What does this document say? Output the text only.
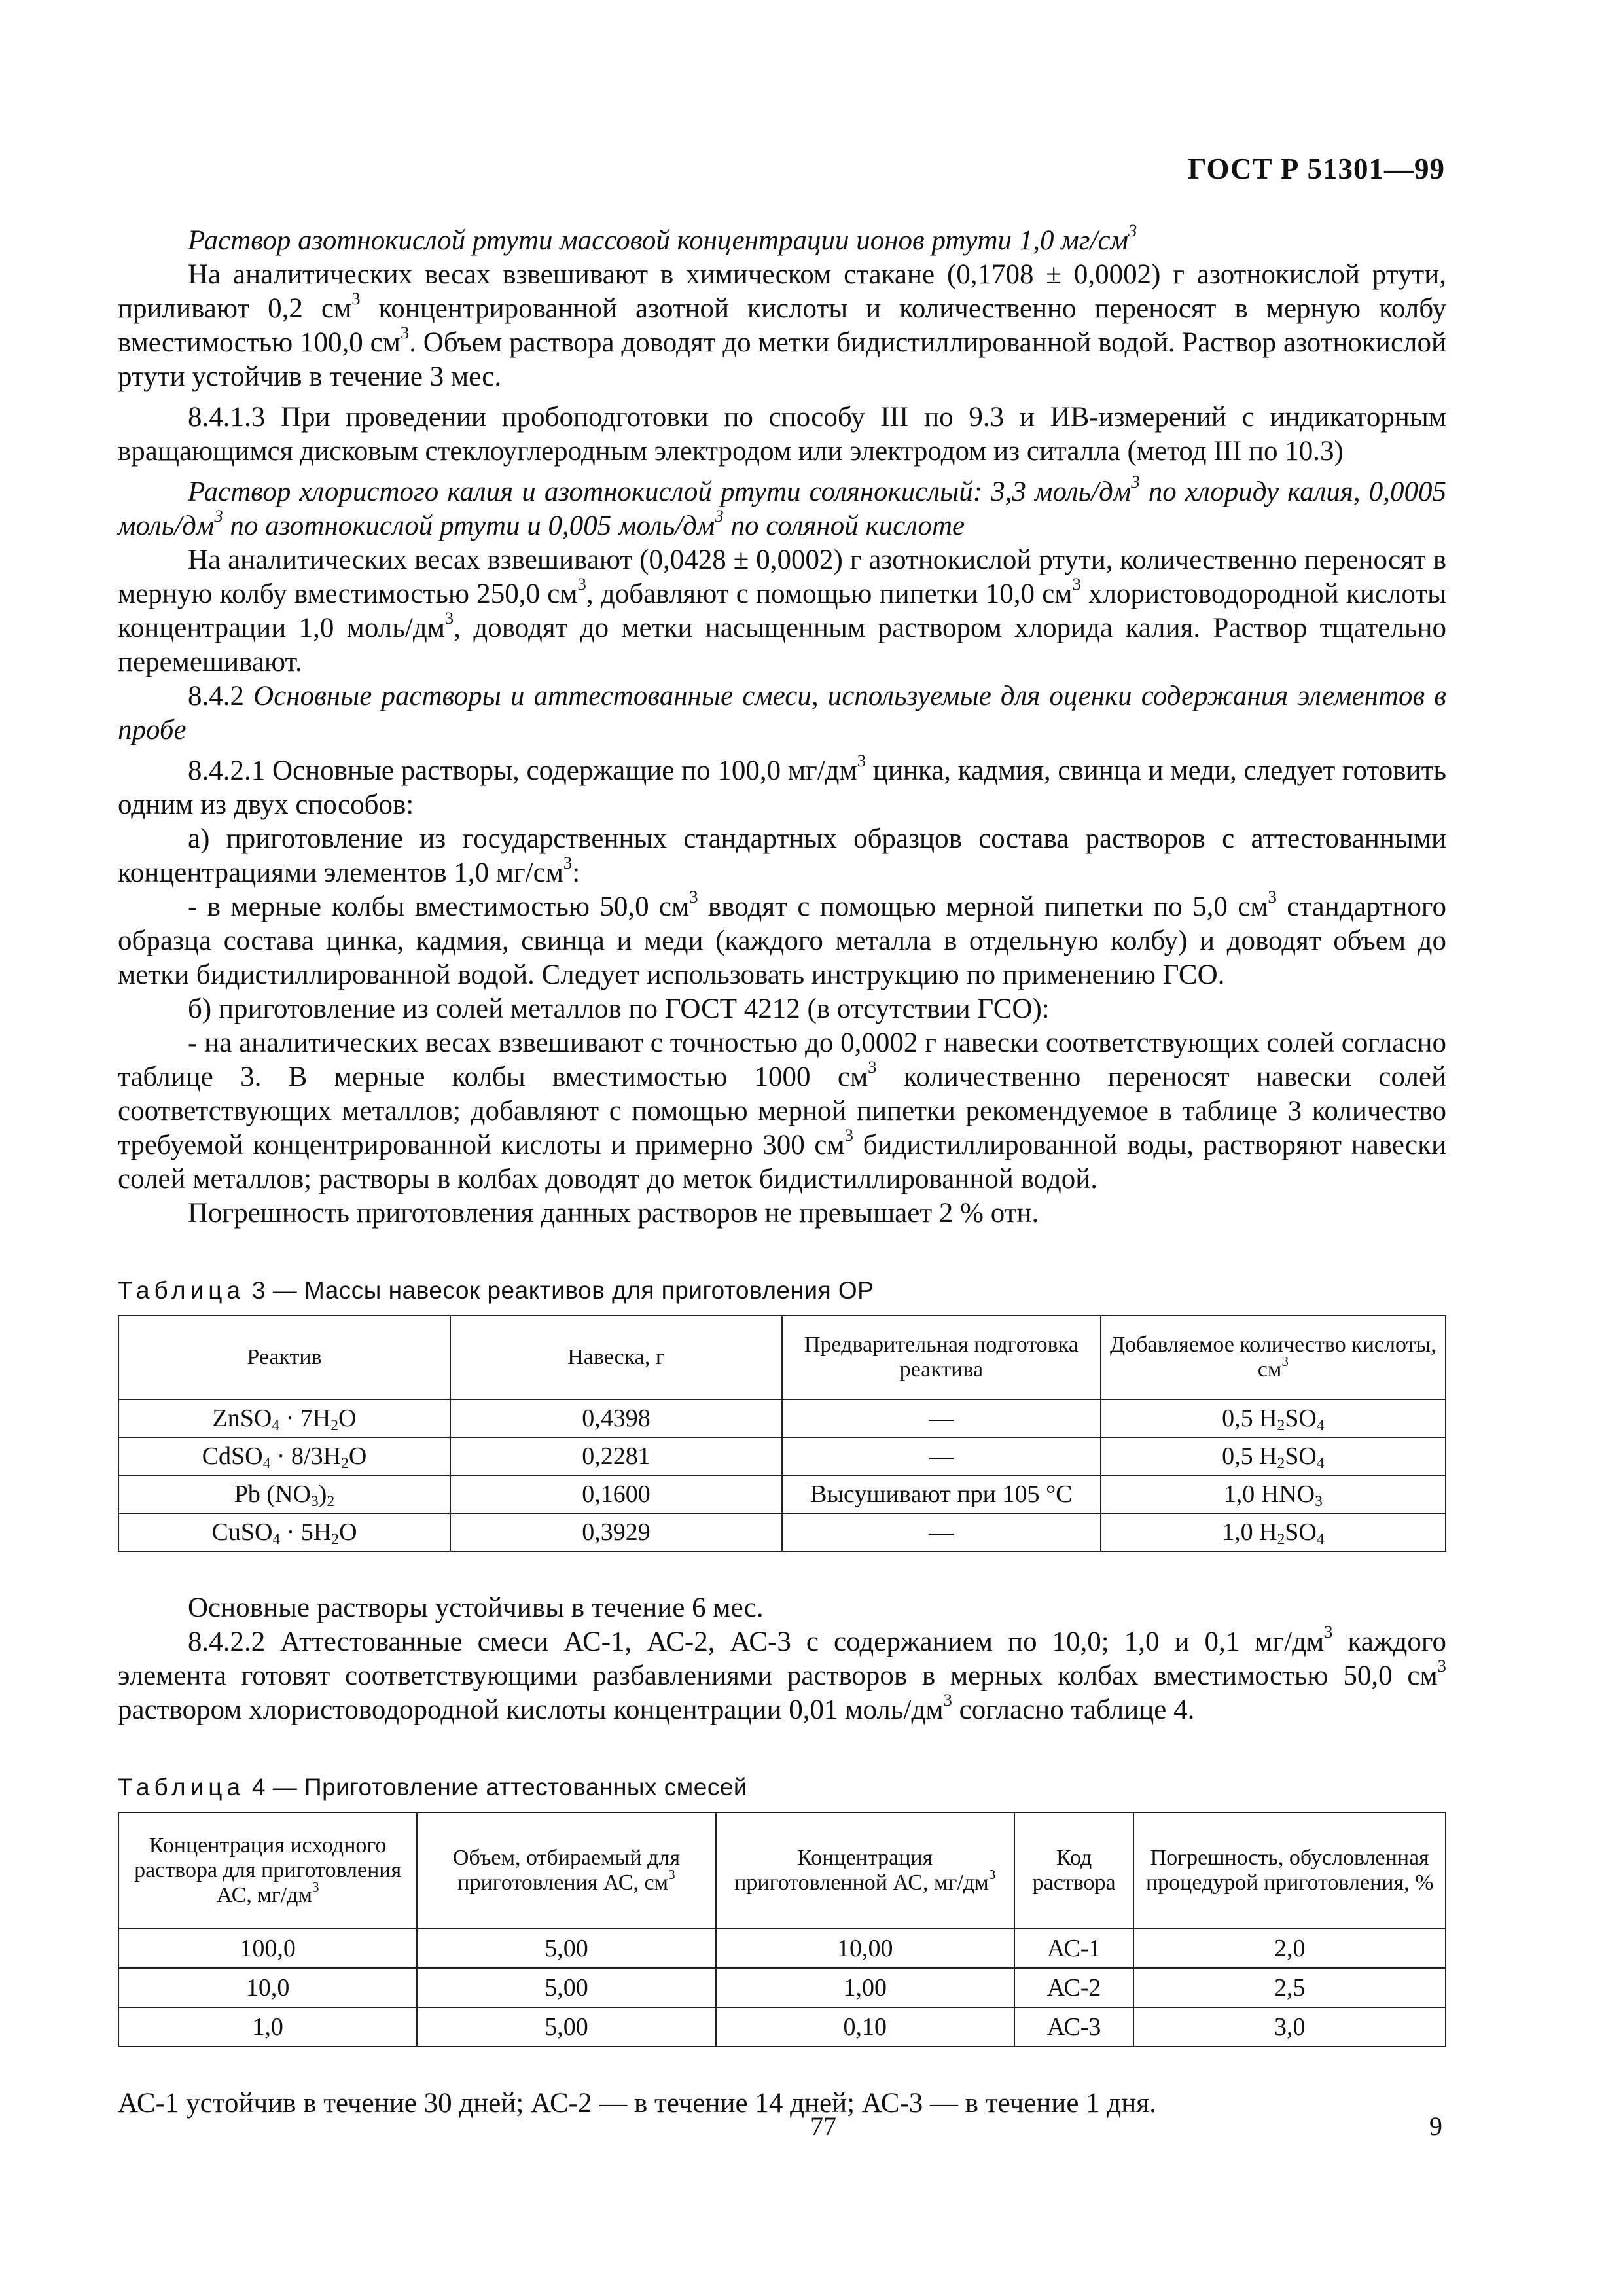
ГОСТ Р 51301—99

Раствор азотнокислой ртути массовой концентрации ионов ртути 1,0 $мг/см^3$

На аналитических весах взвешивают в химическом стакане (0,1708 ± 0,0002) г азотнокислой ртути, приливают 0,2 $см^3$ концентрированной азотной кислоты и количественно переносят в мерную колбу вместимостью 100,0 $см^3$. Объем раствора доводят до метки бидистиллированной водой. Раствор азотнокислой ртути устойчив в течение 3 мес.

8.4.1.3 При проведении пробоподготовки по способу III по 9.3 и ИВ-измерений с индикаторным вращающимся дисковым стеклоуглеродным электродом или электродом из ситалла (метод III по 10.3)

Раствор хлористого калия и азотнокислой ртути солянокислый: 3,3 моль/$дм^3$ по хлориду калия, 0,0005 моль/$дм^3$ по азотнокислой ртути и 0,005 моль/$дм^3$ по соляной кислоте

На аналитических весах взвешивают (0,0428 ± 0,0002) г азотнокислой ртути, количественно переносят в мерную колбу вместимостью 250,0 $см^3$, добавляют с помощью пипетки 10,0 $см^3$ хлористоводородной кислоты концентрации 1,0 моль/$дм^3$, доводят до метки насыщенным раствором хлорида калия. Раствор тщательно перемешивают.

8.4.2 Основные растворы и аттестованные смеси, используемые для оценки содержания элементов в пробе

8.4.2.1 Основные растворы, содержащие по 100,0 $мг/дм^3$ цинка, кадмия, свинца и меди, следует готовить одним из двух способов:

а) приготовление из государственных стандартных образцов состава растворов с аттестованными концентрациями элементов 1,0 $мг/см^3$:

- в мерные колбы вместимостью 50,0 $см^3$ вводят с помощью мерной пипетки по 5,0 $см^3$ стандартного образца состава цинка, кадмия, свинца и меди (каждого металла в отдельную колбу) и доводят объем до метки бидистиллированной водой. Следует использовать инструкцию по применению ГСО.

б) приготовление из солей металлов по ГОСТ 4212 (в отсутствии ГСО):

- на аналитических весах взвешивают с точностью до 0,0002 г навески соответствующих солей согласно таблице 3. В мерные колбы вместимостью 1000 $см^3$ количественно переносят навески солей соответствующих металлов; добавляют с помощью мерной пипетки рекомендуемое в таблице 3 количество требуемой концентрированной кислоты и примерно 300 $см^3$ бидистиллированной воды, растворяют навески солей металлов; растворы в колбах доводят до меток бидистиллированной водой.

Погрешность приготовления данных растворов не превышает 2 % отн.

Таблица 3 — Массы навесок реактивов для приготовления ОР
Реактив	Навеска, г	Предварительная подготовка реактива	Добавляемое количество кислоты, $см^3$
ZnSO$_4$ · $7H_2O$	0,4398	—	0,5 $H_2SO_4$
CdSO$_4$ · $8/3H_2O$	0,2281	—	0,5 $H_2SO_4$
Pb $(NO_3)_2$	0,1600	Высушивают при 105 °С	1,0 $HNO_3$
CuSO$_4$ · $5H_2O$	0,3929	—	1,0 $H_2SO_4$

Основные растворы устойчивы в течение 6 мес.

8.4.2.2 Аттестованные смеси АС-1, АС-2, АС-3 с содержанием по 10,0; 1,0 и 0,1 $мг/дм^3$ каждого элемента готовят соответствующими разбавлениями растворов в мерных колбах вместимостью 50,0 $см^3$ раствором хлористоводородной кислоты концентрации 0,01 моль/$дм^3$ согласно таблице 4.

Таблица 4 — Приготовление аттестованных смесей
Концентрация исходного раствора для приготовления АС, $мг/дм^3$	Объем, отбираемый для приготовления АС, $см^3$	Концентрация приготовленной АС, $мг/дм^3$	Код раствора	Погрешность, обусловленная процедурой приготовления, %
100,0	5,00	10,00	АС-1	2,0
10,0	5,00	1,00	АС-2	2,5
1,0	5,00	0,10	АС-3	3,0

АС-1 устойчив в течение 30 дней; АС-2 — в течение 14 дней; АС-3 — в течение 1 дня.

77	9
